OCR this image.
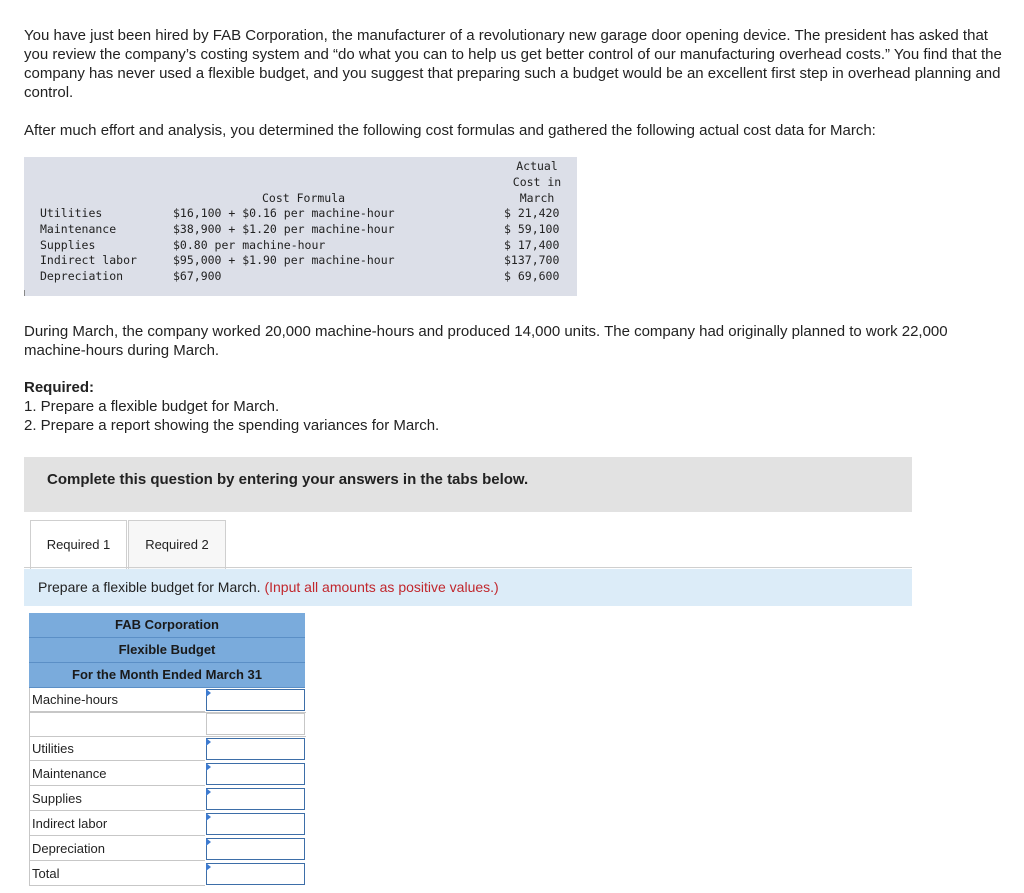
You have just been hired by FAB Corporation, the manufacturer of a revolutionary new garage door opening device. The president has asked that you review the company’s costing system and “do what you can to help us get better control of our manufacturing overhead costs.” You find that the company has never used a flexible budget, and you suggest that preparing such a budget would be an excellent first step in overhead planning and control.
After much effort and analysis, you determined the following cost formulas and gathered the following actual cost data for March:
Cost Formula
Actual
Cost in
March
Utilities	$16,100 + $0.16 per machine-hour	$ 21,420
Maintenance	$38,900 + $1.20 per machine-hour	$ 59,100
Supplies	$0.80 per machine-hour	$ 17,400
Indirect labor	$95,000 + $1.90 per machine-hour	$137,700
Depreciation	$67,900	$ 69,600
During March, the company worked 20,000 machine-hours and produced 14,000 units. The company had originally planned to work 22,000 machine-hours during March.
Required:
1. Prepare a flexible budget for March.
2. Prepare a report showing the spending variances for March.
Complete this question by entering your answers in the tabs below.
Required 1	Required 2
Prepare a flexible budget for March. (Input all amounts as positive values.)
FAB Corporation
Flexible Budget
For the Month Ended March 31
Machine-hours
Utilities
Maintenance
Supplies
Indirect labor
Depreciation
Total
